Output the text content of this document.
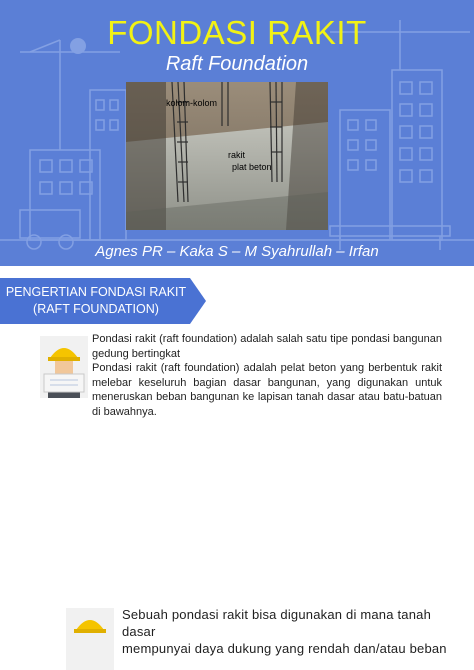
FONDASI RAKIT
Raft Foundation
kolom-kolom
rakit
plat beton
Agnes PR – Kaka S – M Syahrullah – Irfan
PENGERTIAN FONDASI RAKIT
(RAFT FOUNDATION)

Pondasi rakit (raft foundation) adalah salah satu tipe pondasi bangunan gedung bertingkat

Pondasi rakit (raft foundation) adalah pelat beton yang berbentuk rakit melebar keseluruh bagian dasar bangunan, yang digunakan untuk meneruskan beban bangunan ke lapisan tanah dasar atau batu-batuan di bawahnya.

Sebuah pondasi rakit bisa digunakan di mana tanah dasar
mempunyai daya dukung yang rendah dan/atau beban
